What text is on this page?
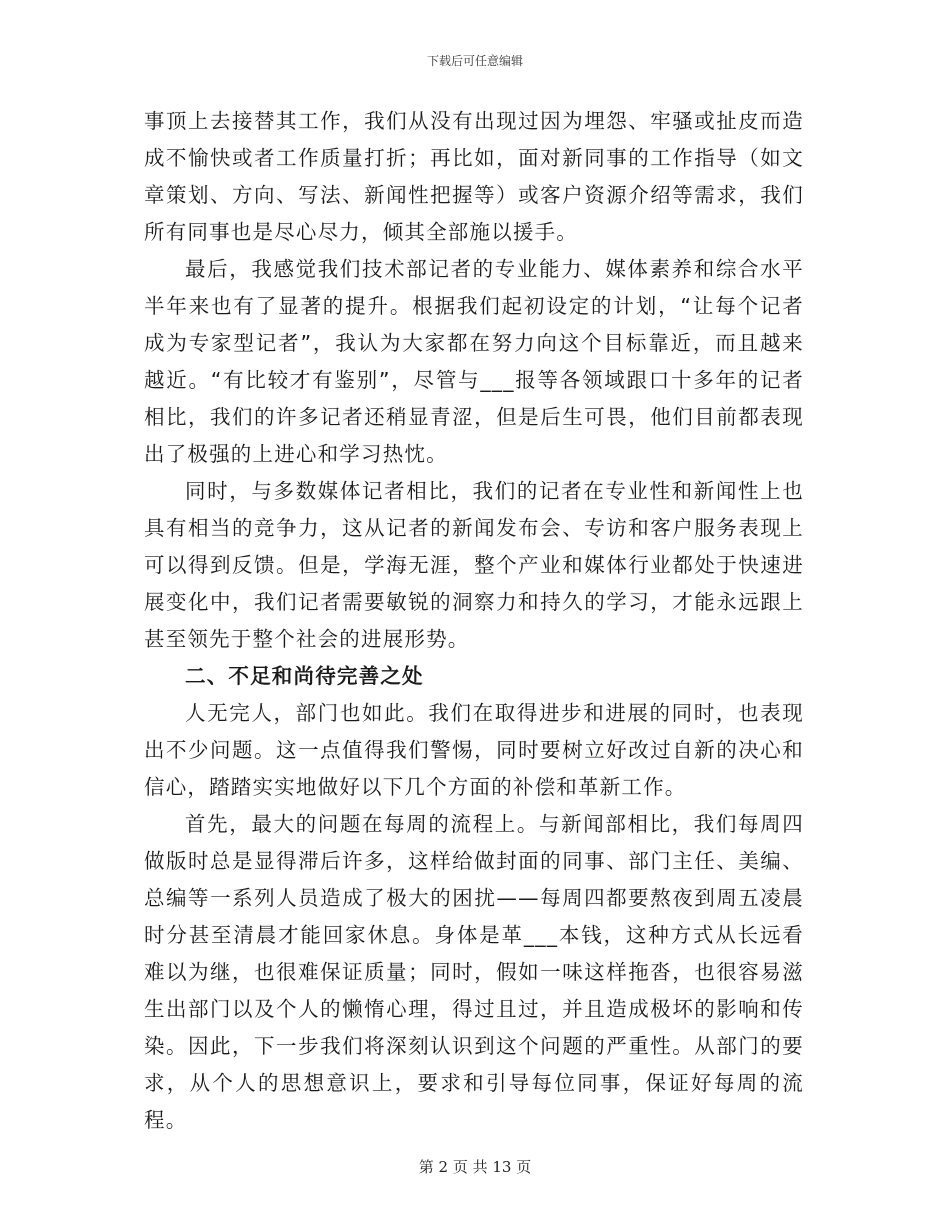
下载后可任意编辑

事顶上去接替其工作，我们从没有出现过因为埋怨、牢骚或扯皮而造成不愉快或者工作质量打折；再比如，面对新同事的工作指导（如文章策划、方向、写法、新闻性把握等）或客户资源介绍等需求，我们所有同事也是尽心尽力，倾其全部施以援手。

最后，我感觉我们技术部记者的专业能力、媒体素养和综合水平半年来也有了显著的提升。根据我们起初设定的计划，“让每个记者成为专家型记者”，我认为大家都在努力向这个目标靠近，而且越来越近。“有比较才有鉴别”，尽管与___报等各领域跟口十多年的记者相比，我们的许多记者还稍显青涩，但是后生可畏，他们目前都表现出了极强的上进心和学习热忱。

同时，与多数媒体记者相比，我们的记者在专业性和新闻性上也具有相当的竞争力，这从记者的新闻发布会、专访和客户服务表现上可以得到反馈。但是，学海无涯，整个产业和媒体行业都处于快速进展变化中，我们记者需要敏锐的洞察力和持久的学习，才能永远跟上甚至领先于整个社会的进展形势。

二、不足和尚待完善之处

人无完人，部门也如此。我们在取得进步和进展的同时，也表现出不少问题。这一点值得我们警惕，同时要树立好改过自新的决心和信心，踏踏实实地做好以下几个方面的补偿和革新工作。

首先，最大的问题在每周的流程上。与新闻部相比，我们每周四做版时总是显得滞后许多，这样给做封面的同事、部门主任、美编、总编等一系列人员造成了极大的困扰——每周四都要熬夜到周五凌晨时分甚至清晨才能回家休息。身体是革___本钱，这种方式从长远看难以为继，也很难保证质量；同时，假如一味这样拖沓，也很容易滋生出部门以及个人的懒惰心理，得过且过，并且造成极坏的影响和传染。因此，下一步我们将深刻认识到这个问题的严重性。从部门的要求，从个人的思想意识上，要求和引导每位同事，保证好每周的流程。

第 2 页 共 13 页
